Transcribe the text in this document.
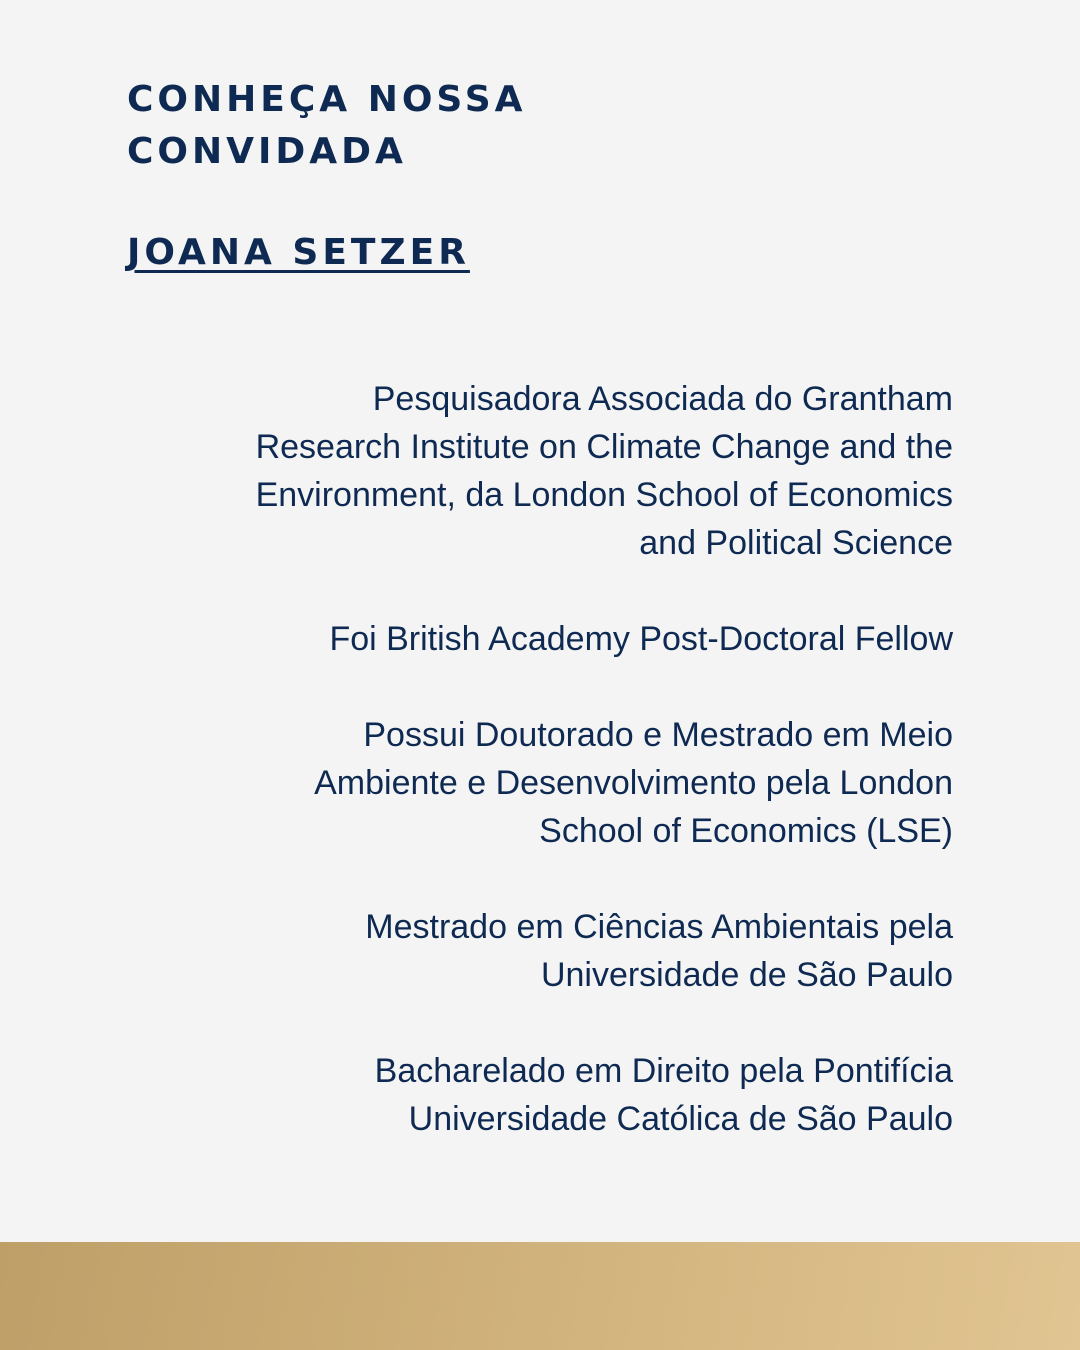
CONHEÇA NOSSA
CONVIDADA
JOANA SETZER
Pesquisadora Associada do Grantham
Research Institute on Climate Change and the
Environment, da London School of Economics
and Political Science
Foi British Academy Post-Doctoral Fellow
Possui Doutorado e Mestrado em Meio
Ambiente e Desenvolvimento pela London
School of Economics (LSE)
Mestrado em Ciências Ambientais pela
Universidade de São Paulo
Bacharelado em Direito pela Pontifícia
Universidade Católica de São Paulo
